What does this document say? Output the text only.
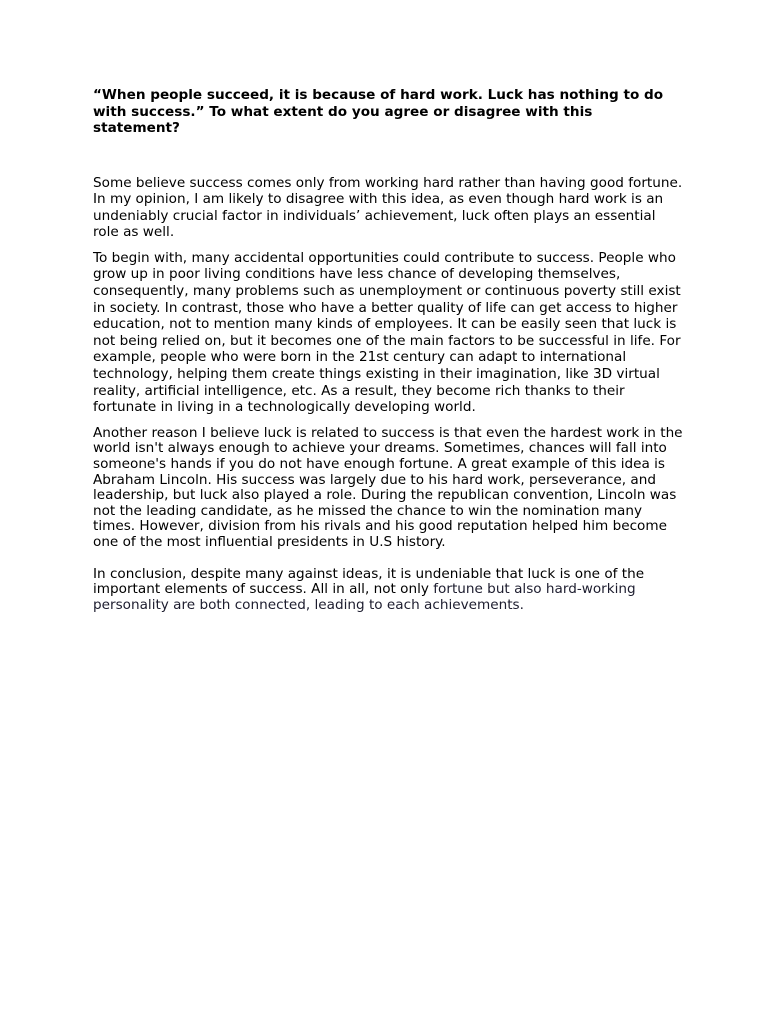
“When people succeed, it is because of hard work. Luck has nothing to do with success.” To what extent do you agree or disagree with this statement?

Some believe success comes only from working hard rather than having good fortune. In my opinion, I am likely to disagree with this idea, as even though hard work is an undeniably crucial factor in individuals’ achievement, luck often plays an essential role as well.

To begin with, many accidental opportunities could contribute to success. People who grow up in poor living conditions have less chance of developing themselves, consequently, many problems such as unemployment or continuous poverty still exist in society. In contrast, those who have a better quality of life can get access to higher education, not to mention many kinds of employees. It can be easily seen that luck is not being relied on, but it becomes one of the main factors to be successful in life. For example, people who were born in the 21st century can adapt to international technology, helping them create things existing in their imagination, like 3D virtual reality, artificial intelligence, etc. As a result, they become rich thanks to their fortunate in living in a technologically developing world.

Another reason I believe luck is related to success is that even the hardest work in the world isn't always enough to achieve your dreams. Sometimes, chances will fall into someone's hands if you do not have enough fortune. A great example of this idea is Abraham Lincoln. His success was largely due to his hard work, perseverance, and leadership, but luck also played a role. During the republican convention, Lincoln was not the leading candidate, as he missed the chance to win the nomination many times. However, division from his rivals and his good reputation helped him become one of the most influential presidents in U.S history.

In conclusion, despite many against ideas, it is undeniable that luck is one of the important elements of success. All in all, not only fortune but also hard-working personality are both connected, leading to each achievements.
